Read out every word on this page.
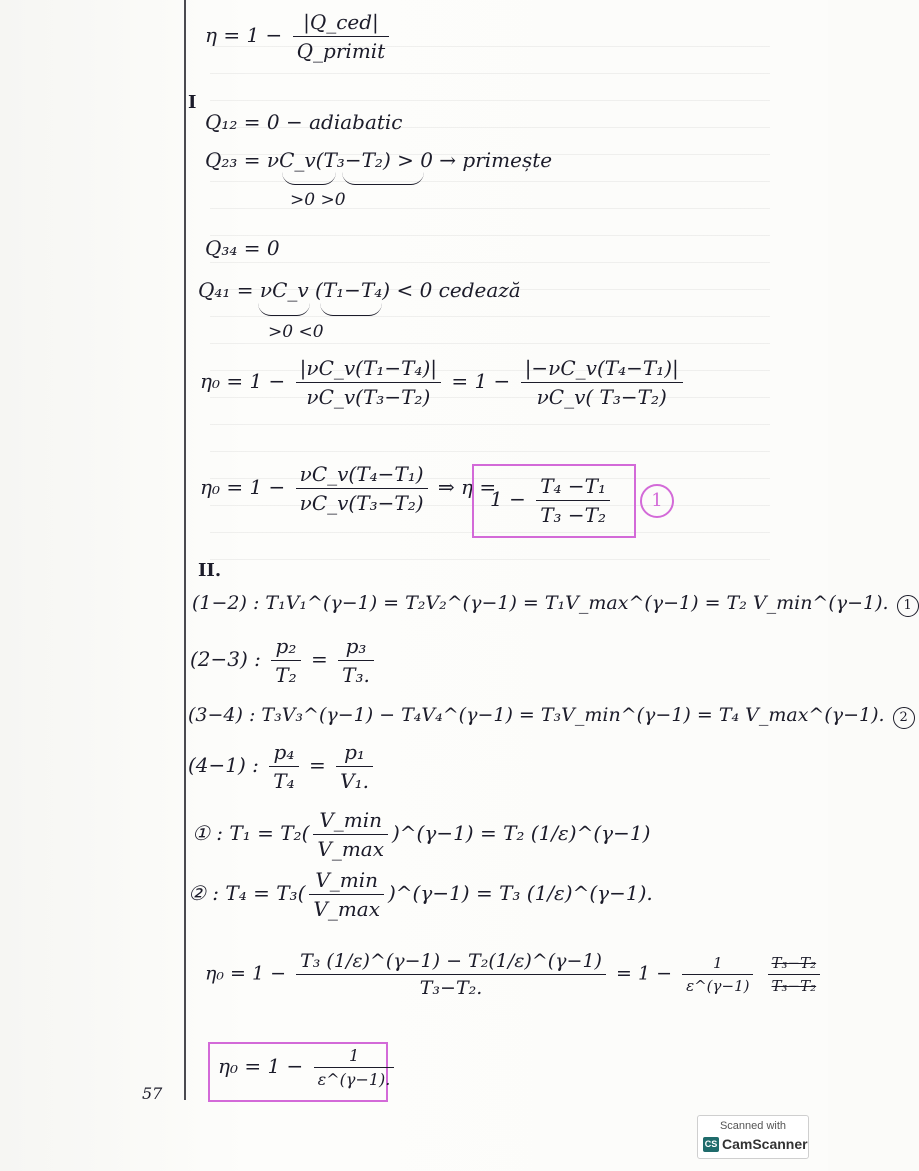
$\eta = 1 - \frac{\text{|Q\_ced|}}{\text{Q\_primit}}$
I
Q₁₂ = 0 − adiabatic
Q₂₃ = νC_v(T₃−T₂) > 0 → primește
>0 >0
Q₃₄ = 0
Q₄₁ = νC_v (T₁−T₄) < 0 cedează
>0 <0
$\eta_0 = 1 - \frac{\text{|νC\_v(T₁−T₄)|}}{\text{νC\_v(T₃−T₂)}} = 1 - \frac{\text{|−νC\_v(T₄−T₁)|}}{\text{νC\_v( T₃−T₂)}}$
$\eta_0 = 1 - \frac{\text{νC\_v(T₄−T₁)}}{\text{νC\_v(T₃−T₂)}}$ ⇒ η =
$1 - \frac{\text{T₄ −T₁}}{\text{T₃ −T₂}}$	1
II.
(1−2) : T₁V₁^(γ−1) = T₂V₂^(γ−1) = T₁V_max^(γ−1) = T₂ V_min^(γ−1). 1
(2−3) : $\frac{\text{p₂}}{\text{T₂}} = \frac{\text{p₃}}{\text{T₃.}}$
(3−4) : T₃V₃^(γ−1) − T₄V₄^(γ−1) = T₃V_min^(γ−1) = T₄ V_max^(γ−1). 2
(4−1) : $\frac{\text{p₄}}{\text{T₄}} = \frac{\text{p₁}}{\text{V₁.}}$
① : $T_1 = T_2( \frac{V\_\min}{V\_\max}$ )^(γ−1) = T₂ (1/ε)^(γ−1)
② : $T_4 = T_3( \frac{V\_\min}{V\_\max}$ )^(γ−1) = T₃ (1/ε)^(γ−1).
$\eta_0 = 1 - \frac{\text{T₃ (1/ε)\textasciicircum{}(γ−1) − T₂(1/ε)\textasciicircum{}(γ−1)}}{\text{T₃−T₂.}} = 1 - \frac{1}{\varepsilon\^{}(\gamma-1)}$
$\frac{\text{T₃−T₂}}{\text{T₃−T₂}}$
$\eta_0 = 1 - \frac{1}{\varepsilon\^{}(\gamma-1).}$
57
Scanned with
CS CamScanner
